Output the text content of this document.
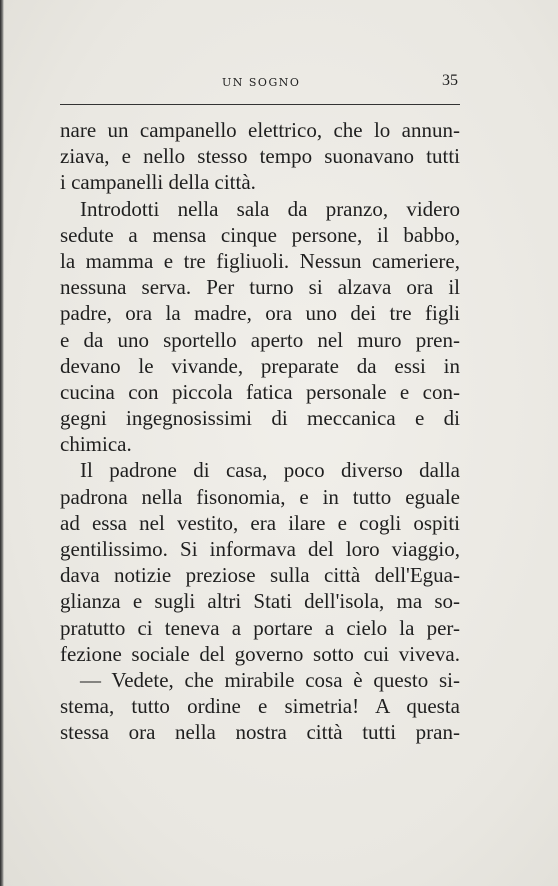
UN SOGNO	35
nare un campanello elettrico, che lo annun-
ziava, e nello stesso tempo suonavano tutti
i campanelli della città.
Introdotti nella sala da pranzo, videro
sedute a mensa cinque persone, il babbo,
la mamma e tre figliuoli. Nessun cameriere,
nessuna serva. Per turno si alzava ora il
padre, ora la madre, ora uno dei tre figli
e da uno sportello aperto nel muro pren-
devano le vivande, preparate da essi in
cucina con piccola fatica personale e con-
gegni ingegnosissimi di meccanica e di
chimica.
Il padrone di casa, poco diverso dalla
padrona nella fisonomia, e in tutto eguale
ad essa nel vestito, era ilare e cogli ospiti
gentilissimo. Si informava del loro viaggio,
dava notizie preziose sulla città dell'Egua-
glianza e sugli altri Stati dell'isola, ma so-
pratutto ci teneva a portare a cielo la per-
fezione sociale del governo sotto cui viveva.
— Vedete, che mirabile cosa è questo si-
stema, tutto ordine e simetria! A questa
stessa ora nella nostra città tutti pran-
